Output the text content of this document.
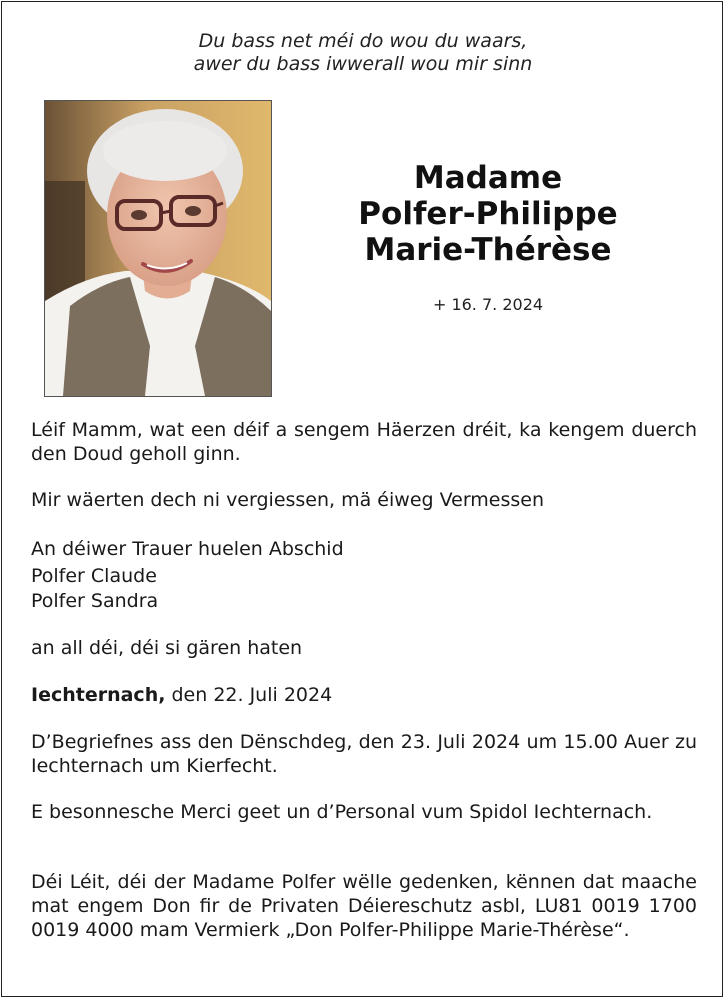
Du bass net méi do wou du waars,
awer du bass iwwerall wou mir sinn
Madame
Polfer-Philippe
Marie-Thérèse
+ 16. 7. 2024
Léif Mamm, wat een déif a sengem Häerzen dréit, ka kengem duerch den Doud geholl ginn.
Mir wäerten dech ni vergiessen, mä éiweg Vermessen
An déiwer Trauer huelen Abschid
Polfer Claude
Polfer Sandra
an all déi, déi si gären haten
Iechternach, den 22. Juli 2024
D’Begriefnes ass den Dënschdeg, den 23. Juli 2024 um 15.00 Auer zu Iechternach um Kierfecht.
E besonnesche Merci geet un d’Personal vum Spidol Iechternach.
Déi Léit, déi der Madame Polfer wëlle gedenken, kënnen dat maache mat engem Don fir de Privaten Déiereschutz asbl, LU81 0019 1700 0019 4000 mam Vermierk „Don Polfer-Philippe Marie-Thérèse“.
